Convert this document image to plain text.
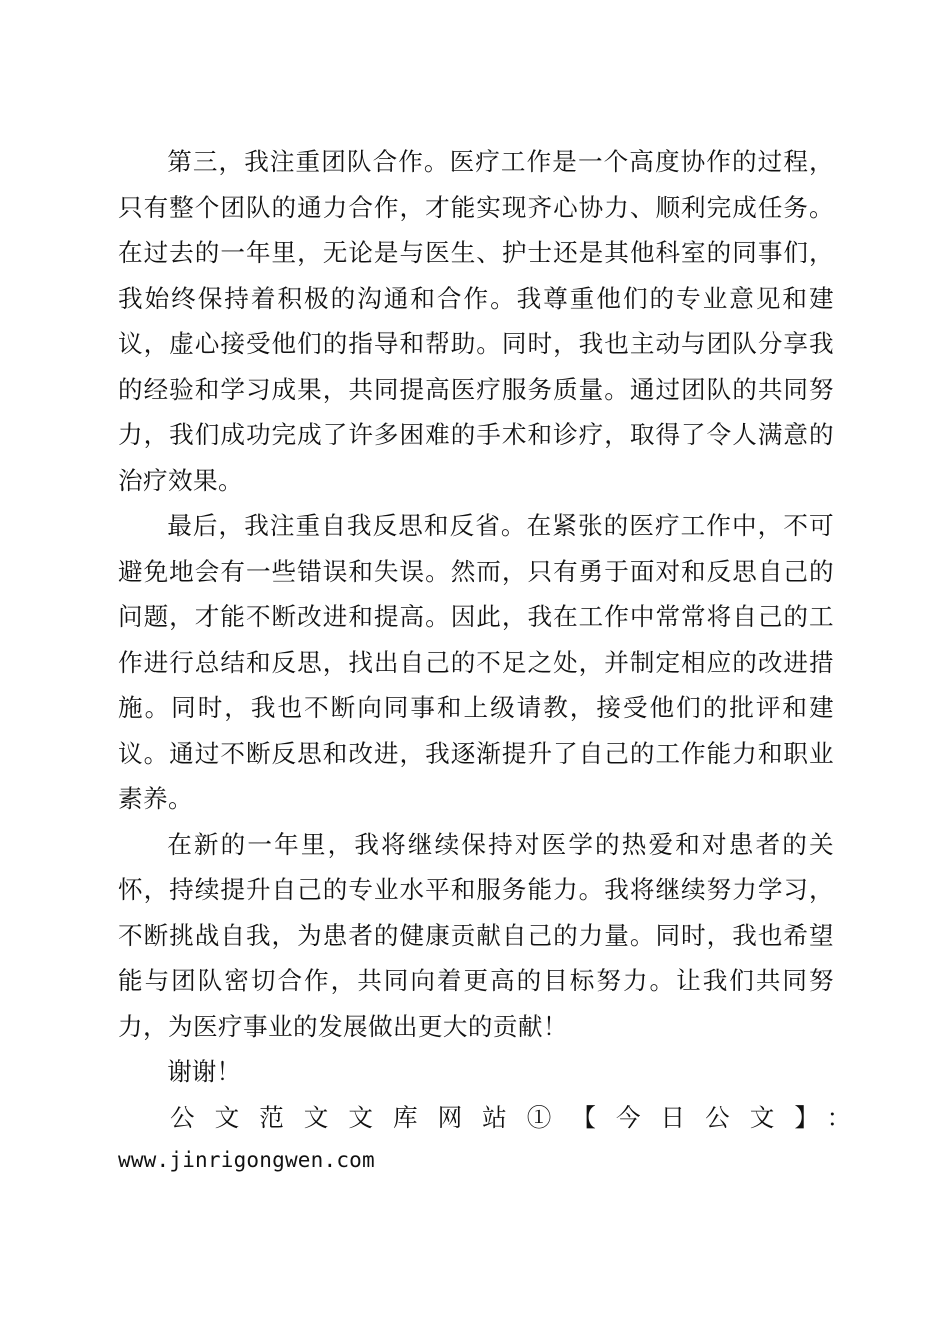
第三，我注重团队合作。医疗工作是一个高度协作的过程，只有整个团队的通力合作，才能实现齐心协力、顺利完成任务。在过去的一年里，无论是与医生、护士还是其他科室的同事们，我始终保持着积极的沟通和合作。我尊重他们的专业意见和建议，虚心接受他们的指导和帮助。同时，我也主动与团队分享我的经验和学习成果，共同提高医疗服务质量。通过团队的共同努力，我们成功完成了许多困难的手术和诊疗，取得了令人满意的治疗效果。

最后，我注重自我反思和反省。在紧张的医疗工作中，不可避免地会有一些错误和失误。然而，只有勇于面对和反思自己的问题，才能不断改进和提高。因此，我在工作中常常将自己的工作进行总结和反思，找出自己的不足之处，并制定相应的改进措施。同时，我也不断向同事和上级请教，接受他们的批评和建议。通过不断反思和改进，我逐渐提升了自己的工作能力和职业素养。

在新的一年里，我将继续保持对医学的热爱和对患者的关怀，持续提升自己的专业水平和服务能力。我将继续努力学习，不断挑战自我，为患者的健康贡献自己的力量。同时，我也希望能与团队密切合作，共同向着更高的目标努力。让我们共同努力，为医疗事业的发展做出更大的贡献！

谢谢！

公文范文文库网站①【今日公文】：

www.jinrigongwen.com
